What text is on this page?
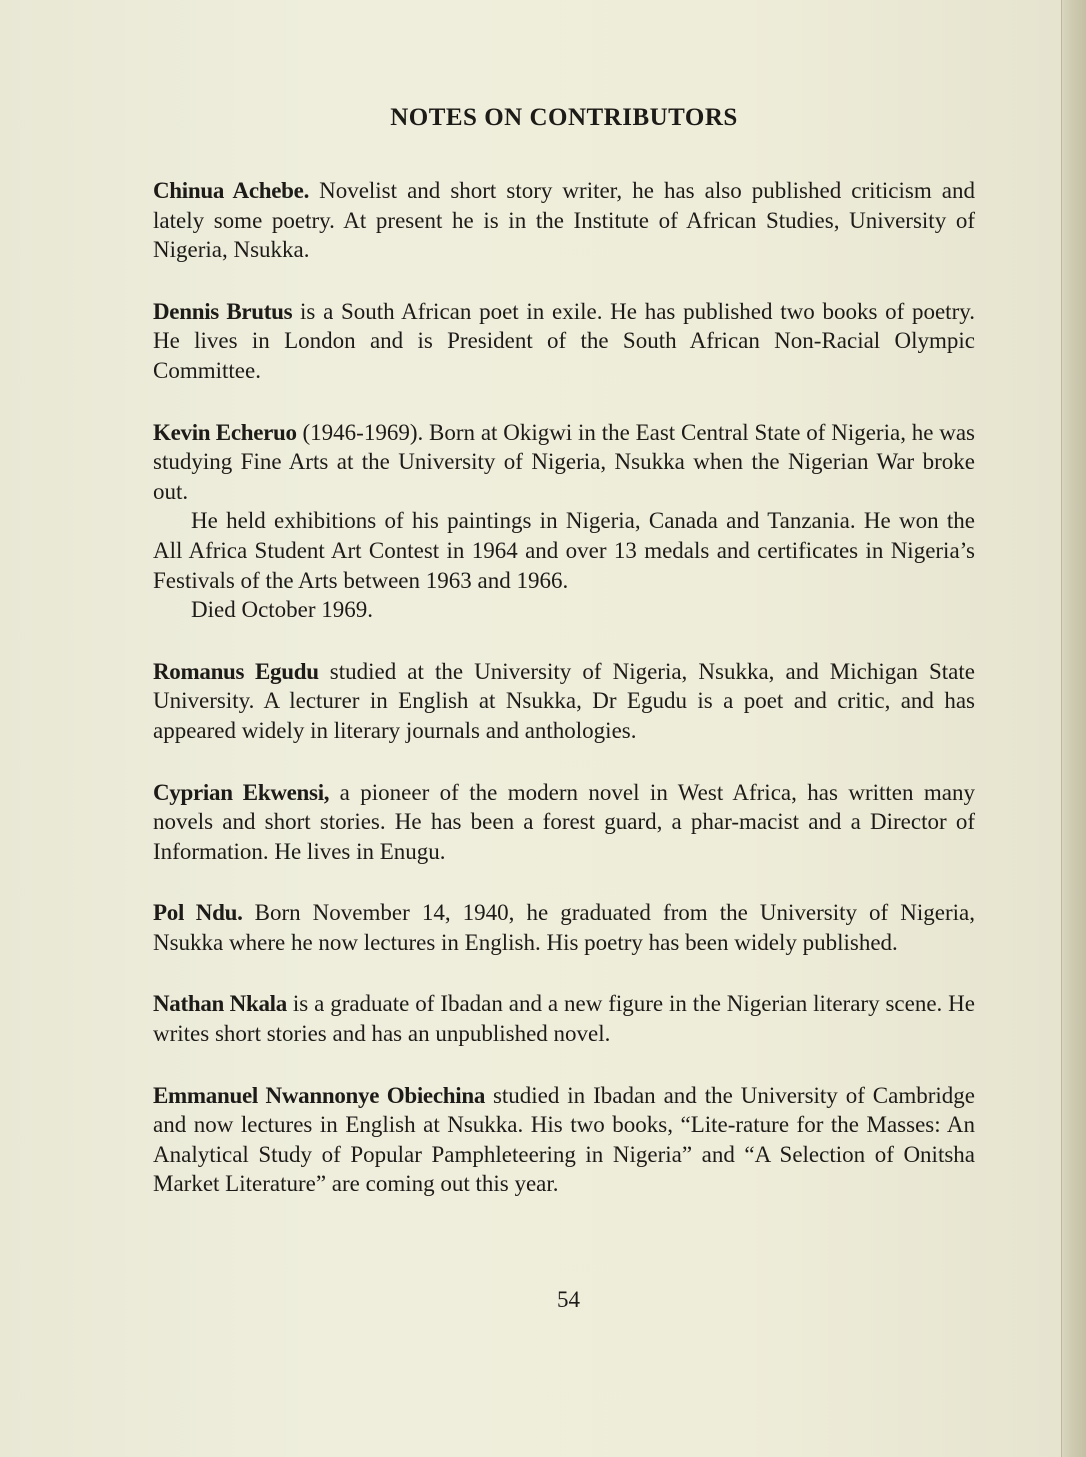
NOTES ON CONTRIBUTORS

Chinua Achebe. Novelist and short story writer, he has also published criticism and lately some poetry. At present he is in the Institute of African Studies, University of Nigeria, Nsukka.

Dennis Brutus is a South African poet in exile. He has published two books of poetry. He lives in London and is President of the South African Non-Racial Olympic Committee.

Kevin Echeruo (1946-1969). Born at Okigwi in the East Central State of Nigeria, he was studying Fine Arts at the University of Nigeria, Nsukka when the Nigerian War broke out.

He held exhibitions of his paintings in Nigeria, Canada and Tanzania. He won the All Africa Student Art Contest in 1964 and over 13 medals and certificates in Nigeria’s Festivals of the Arts between 1963 and 1966.

Died October 1969.

Romanus Egudu studied at the University of Nigeria, Nsukka, and Michigan State University. A lecturer in English at Nsukka, Dr Egudu is a poet and critic, and has appeared widely in literary journals and anthologies.

Cyprian Ekwensi, a pioneer of the modern novel in West Africa, has written many novels and short stories. He has been a forest guard, a phar-macist and a Director of Information. He lives in Enugu.

Pol Ndu. Born November 14, 1940, he graduated from the University of Nigeria, Nsukka where he now lectures in English. His poetry has been widely published.

Nathan Nkala is a graduate of Ibadan and a new figure in the Nigerian literary scene. He writes short stories and has an unpublished novel.

Emmanuel Nwannonye Obiechina studied in Ibadan and the University of Cambridge and now lectures in English at Nsukka. His two books, “Lite-rature for the Masses: An Analytical Study of Popular Pamphleteering in Nigeria” and “A Selection of Onitsha Market Literature” are coming out this year.

54
